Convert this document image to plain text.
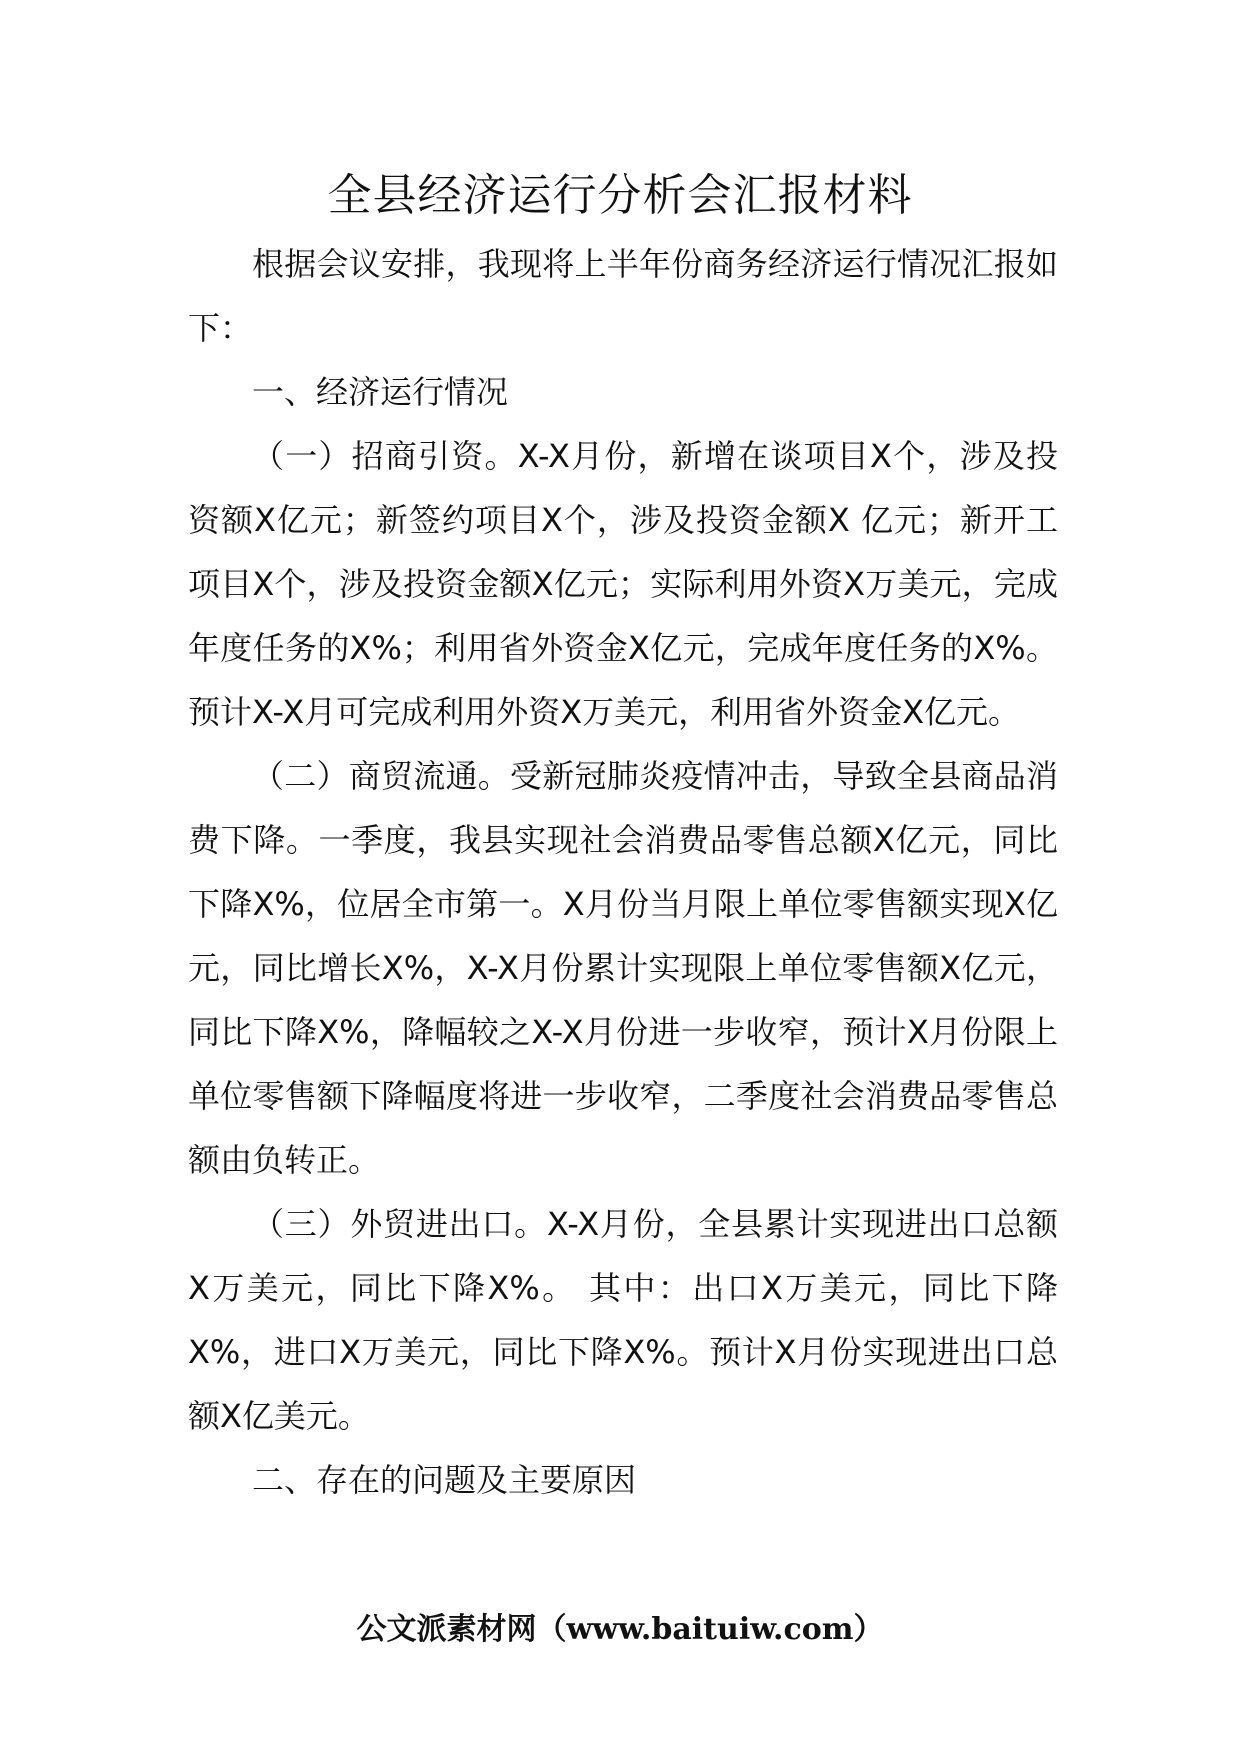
全县经济运行分析会汇报材料

根据会议安排，我现将上半年份商务经济运行情况汇报如下：

一、经济运行情况

（一）招商引资。X-X月份，新增在谈项目X个，涉及投资额X亿元；新签约项目X个，涉及投资金额X 亿元；新开工项目X个，涉及投资金额X亿元；实际利用外资X万美元，完成年度任务的X%；利用省外资金X亿元，完成年度任务的X%。预计X-X月可完成利用外资X万美元，利用省外资金X亿元。

（二）商贸流通。受新冠肺炎疫情冲击，导致全县商品消费下降。一季度，我县实现社会消费品零售总额X亿元，同比下降X%，位居全市第一。X月份当月限上单位零售额实现X亿元，同比增长X%，X-X月份累计实现限上单位零售额X亿元，同比下降X%，降幅较之X-X月份进一步收窄，预计X月份限上单位零售额下降幅度将进一步收窄，二季度社会消费品零售总额由负转正。

（三）外贸进出口。X-X月份，全县累计实现进出口总额X万美元，同比下降X%。 其中：出口X万美元，同比下降X%，进口X万美元，同比下降X%。预计X月份实现进出口总额X亿美元。

二、存在的问题及主要原因

公文派素材网（www.baituiw.com）
